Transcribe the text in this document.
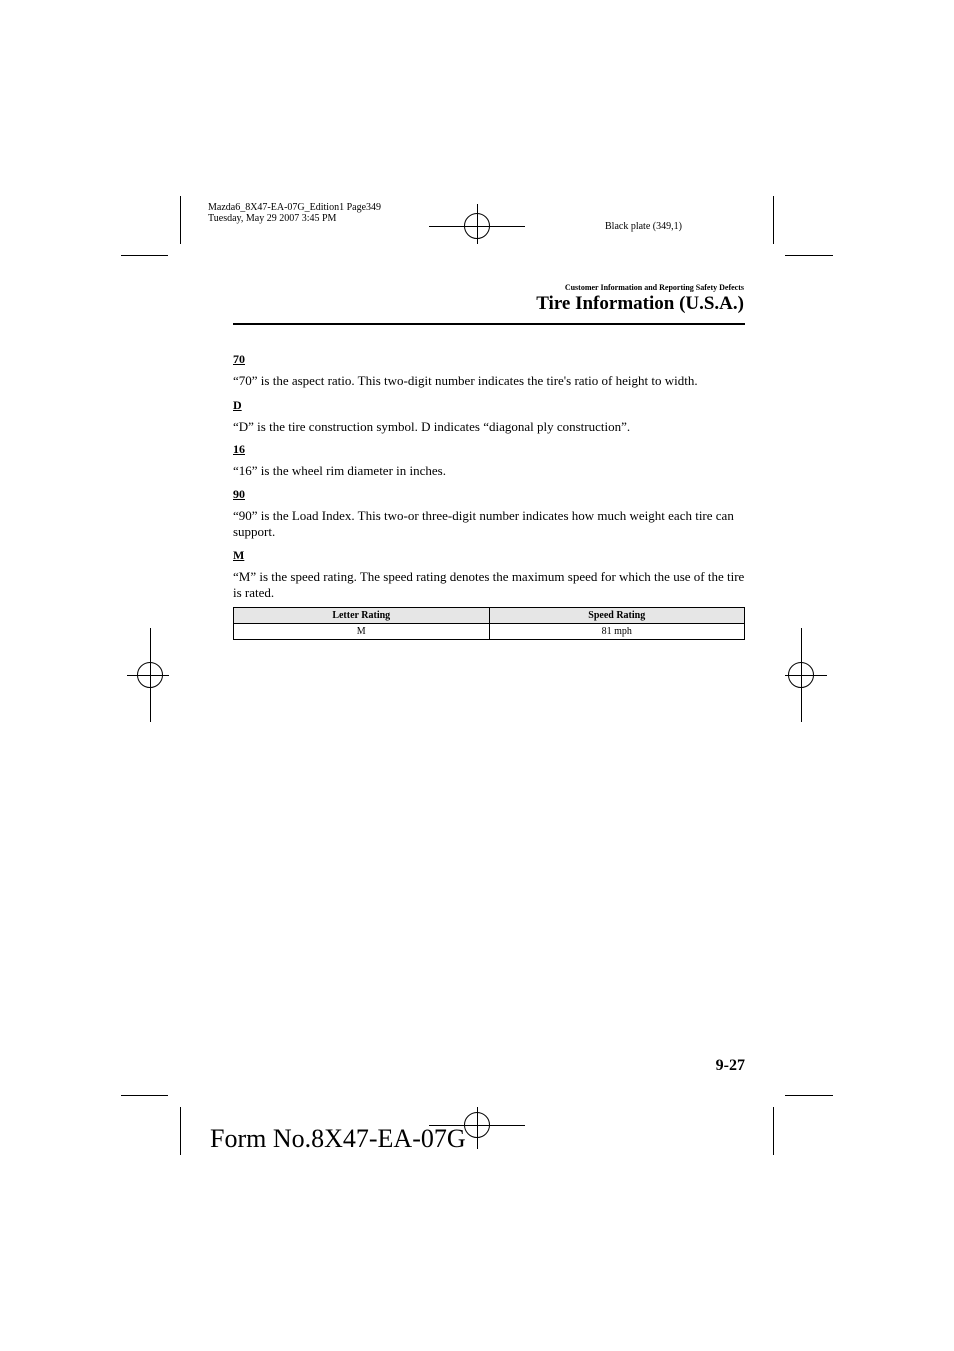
Mazda6_8X47-EA-07G_Edition1 Page349
Tuesday, May 29 2007 3:45 PM
Black plate (349,1)
Customer Information and Reporting Safety Defects
Tire Information (U.S.A.)
70
“70” is the aspect ratio. This two-digit number indicates the tire's ratio of height to width.
D
“D” is the tire construction symbol. D indicates “diagonal ply construction”.
16
“16” is the wheel rim diameter in inches.
90
“90” is the Load Index. This two-or three-digit number indicates how much weight each tire can support.
M
“M” is the speed rating. The speed rating denotes the maximum speed for which the use of the tire is rated.
Letter Rating	Speed Rating
M	81 mph
9-27
Form No.8X47-EA-07G
